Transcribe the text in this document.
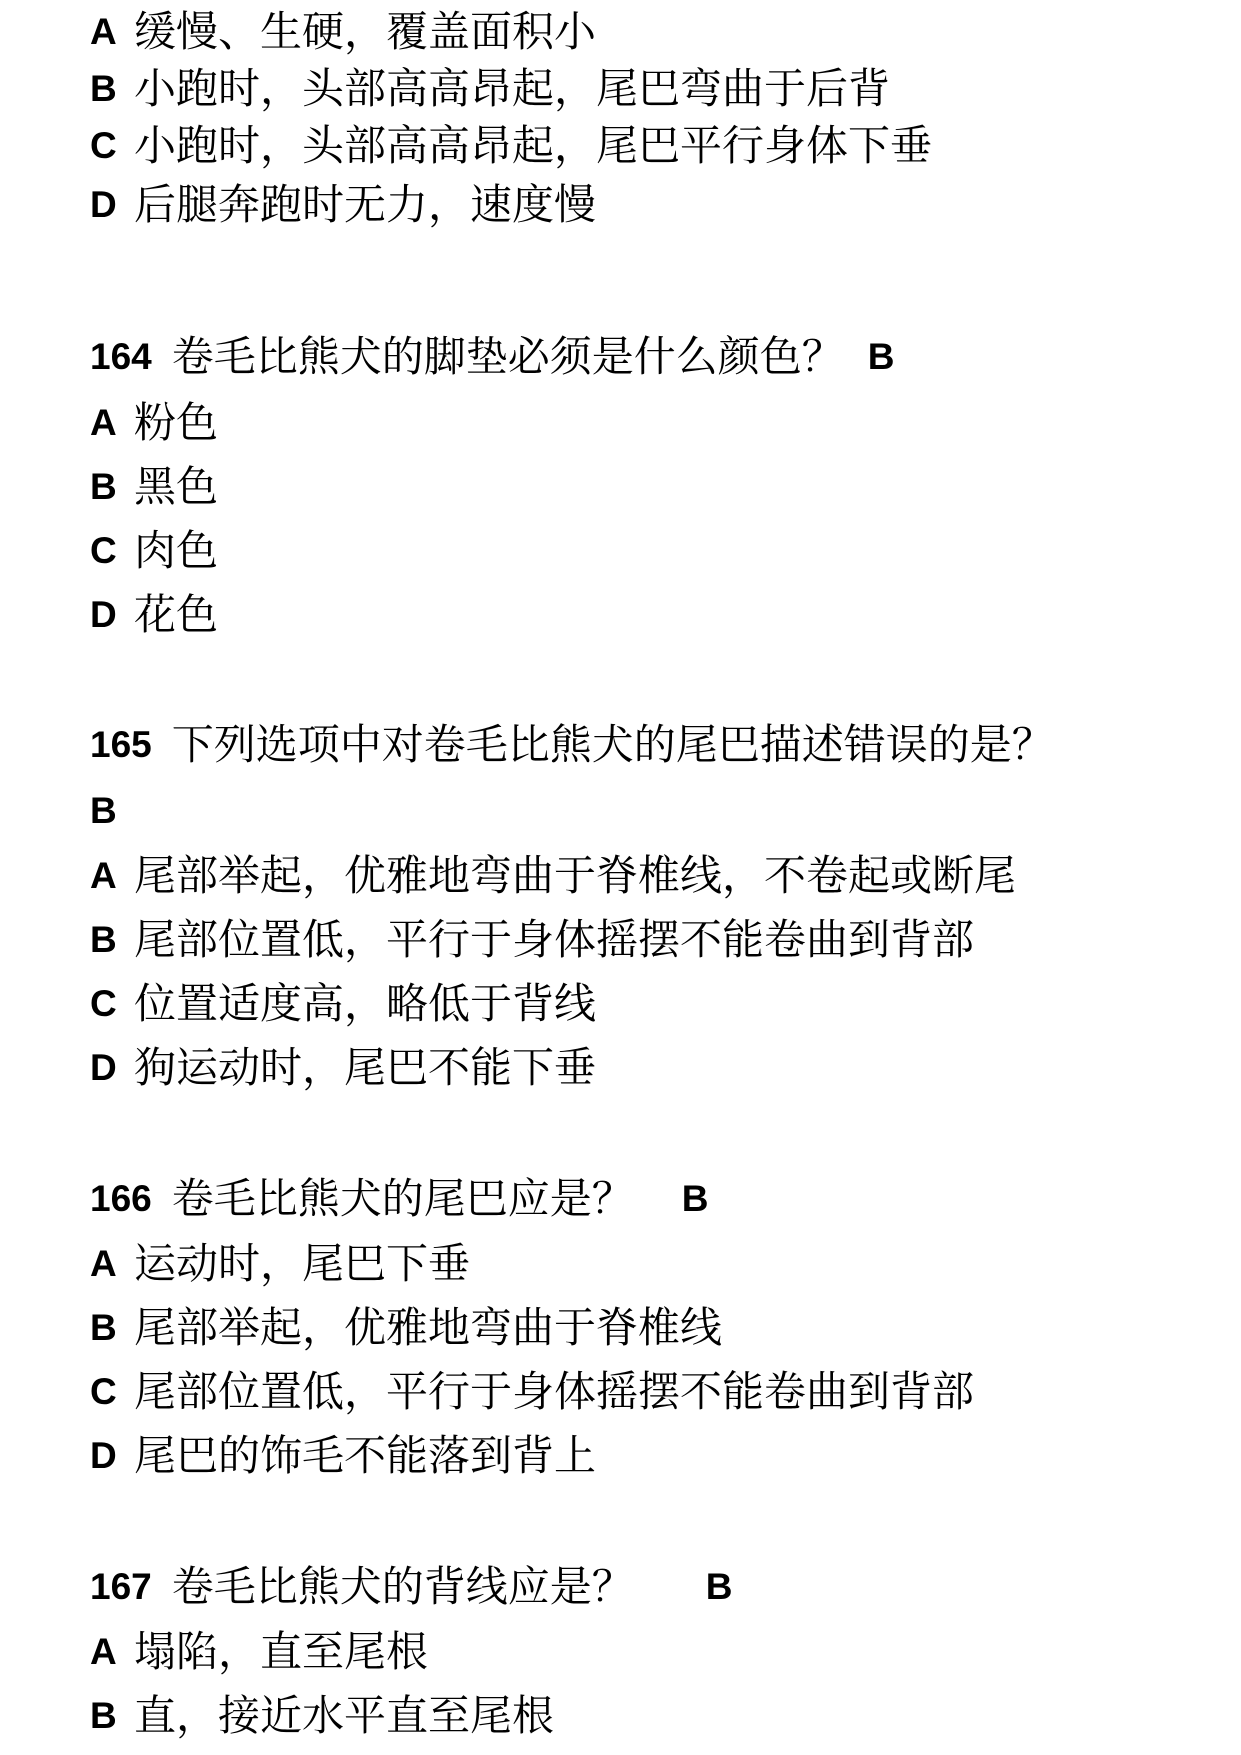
A 缓慢、生硬，覆盖面积小
B 小跑时，头部高高昂起，尾巴弯曲于后背
C 小跑时，头部高高昂起，尾巴平行身体下垂
D 后腿奔跑时无力，速度慢
164 卷毛比熊犬的脚垫必须是什么颜色？ B
A 粉色
B 黑色
C 肉色
D 花色
165 下列选项中对卷毛比熊犬的尾巴描述错误的是？
B
A 尾部举起，优雅地弯曲于脊椎线，不卷起或断尾
B 尾部位置低，平行于身体摇摆不能卷曲到背部
C 位置适度高，略低于背线
D 狗运动时，尾巴不能下垂
166 卷毛比熊犬的尾巴应是？ B
A 运动时，尾巴下垂
B 尾部举起，优雅地弯曲于脊椎线
C 尾部位置低，平行于身体摇摆不能卷曲到背部
D 尾巴的饰毛不能落到背上
167 卷毛比熊犬的背线应是？ B
A 塌陷，直至尾根
B 直，接近水平直至尾根
